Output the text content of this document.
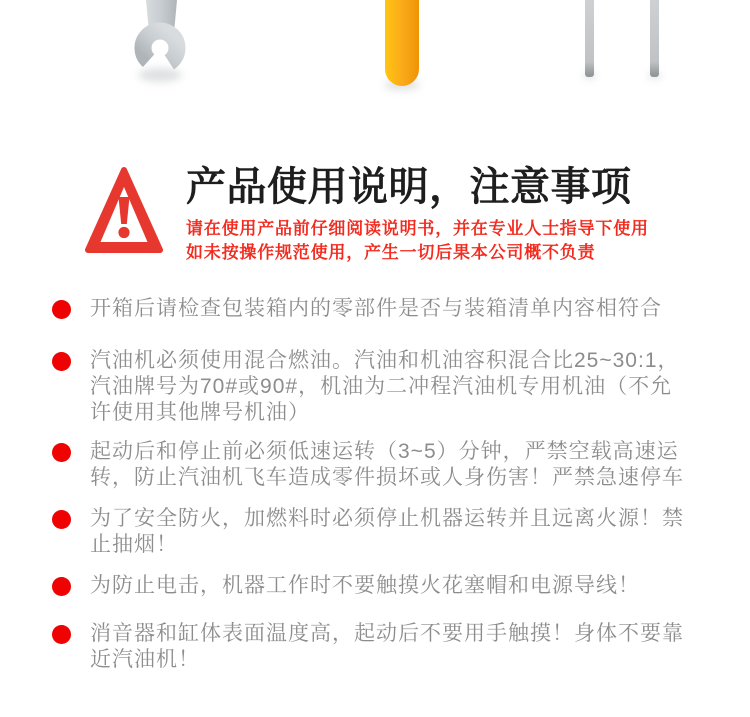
产品使用说明，注意事项
请在使用产品前仔细阅读说明书，并在专业人士指导下使用
如未按操作规范使用，产生一切后果本公司概不负责
开箱后请检查包装箱内的零部件是否与装箱清单内容相符合
汽油机必须使用混合燃油。汽油和机油容积混合比25~30:1，
汽油牌号为70#或90#，机油为二冲程汽油机专用机油（不允
许使用其他牌号机油）
起动后和停止前必须低速运转（3~5）分钟，严禁空载高速运
转，防止汽油机飞车造成零件损坏或人身伤害！严禁急速停车
为了安全防火，加燃料时必须停止机器运转并且远离火源！禁
止抽烟！
为防止电击，机器工作时不要触摸火花塞帽和电源导线！
消音器和缸体表面温度高，起动后不要用手触摸！身体不要靠
近汽油机！
